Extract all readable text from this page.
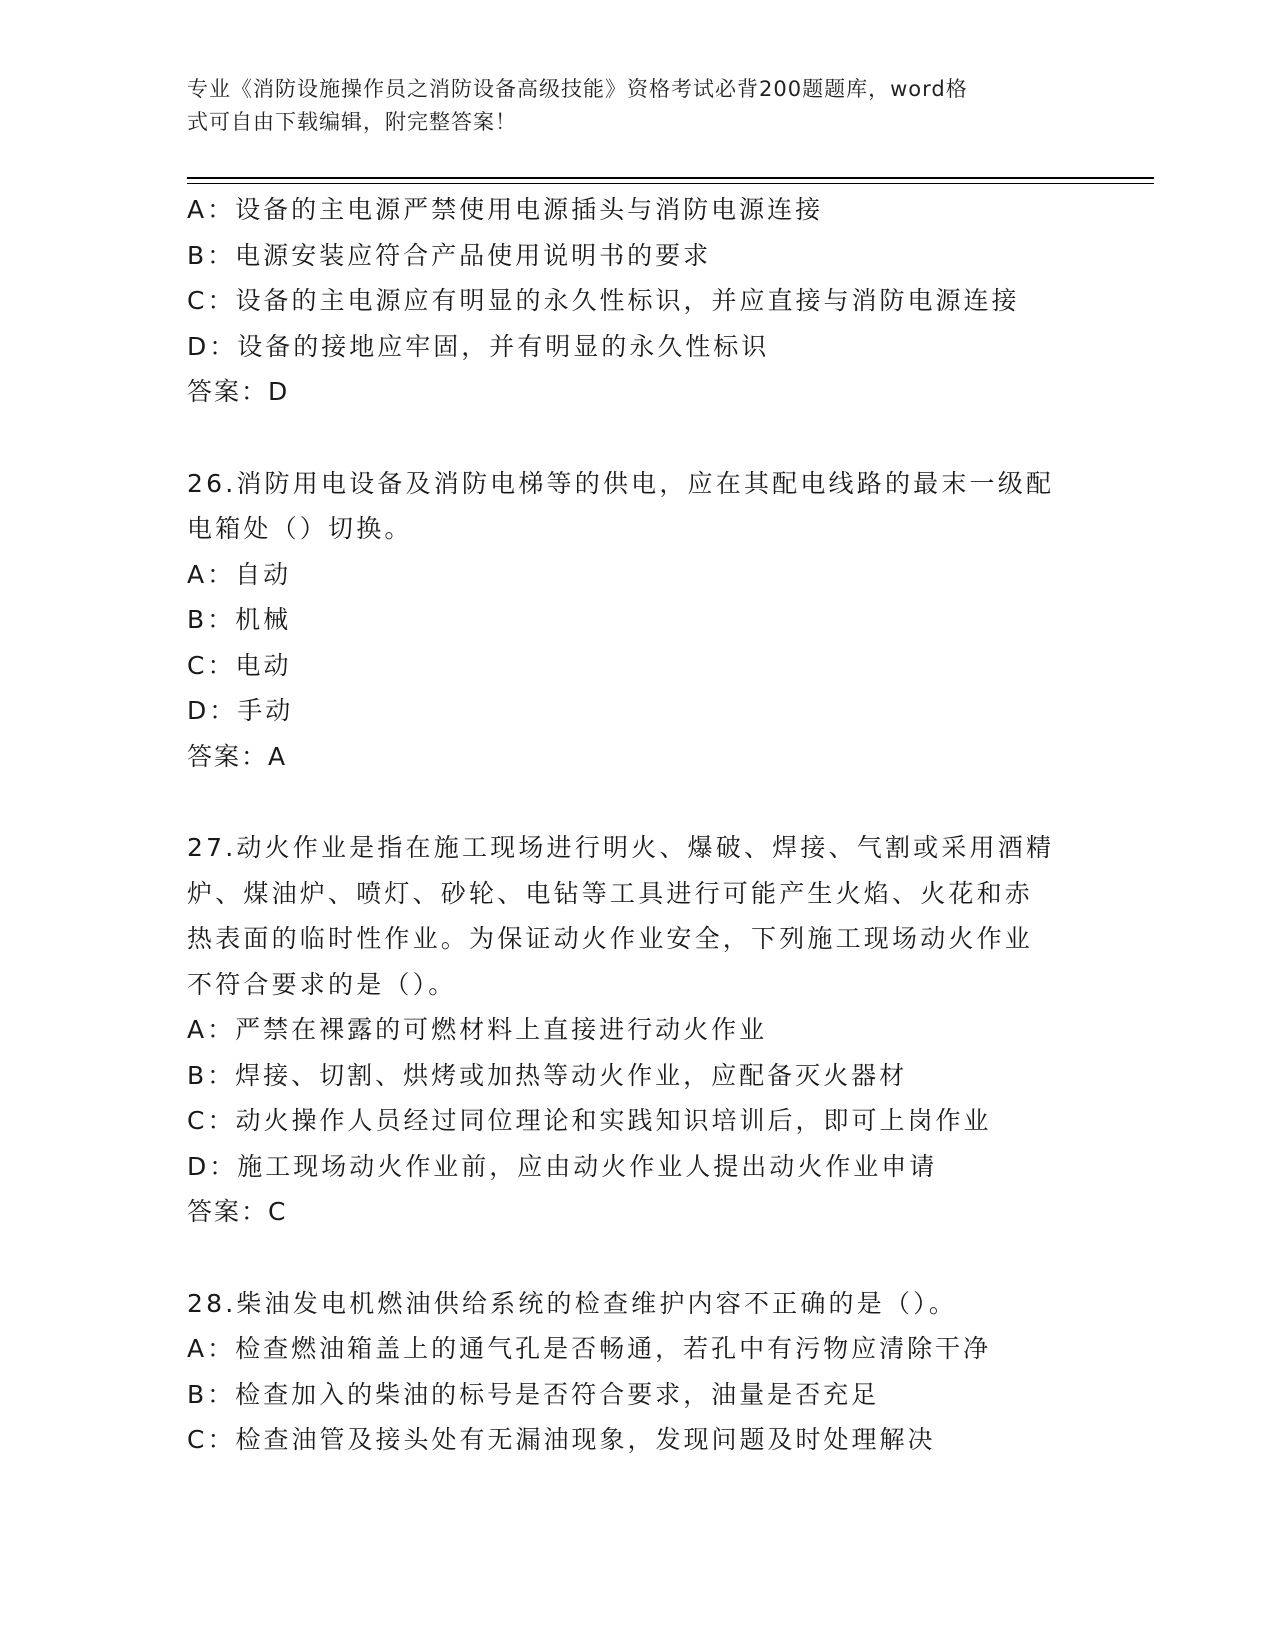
专业《消防设施操作员之消防设备高级技能》资格考试必背200题题库，word格
式可自由下载编辑，附完整答案！
A：设备的主电源严禁使用电源插头与消防电源连接
B：电源安装应符合产品使用说明书的要求
C：设备的主电源应有明显的永久性标识，并应直接与消防电源连接
D：设备的接地应牢固，并有明显的永久性标识
答案：D
26.消防用电设备及消防电梯等的供电，应在其配电线路的最末一级配
电箱处（）切换。
A：自动
B：机械
C：电动
D：手动
答案：A
27.动火作业是指在施工现场进行明火、爆破、焊接、气割或采用酒精
炉、煤油炉、喷灯、砂轮、电钻等工具进行可能产生火焰、火花和赤
热表面的临时性作业。为保证动火作业安全，下列施工现场动火作业
不符合要求的是（）。
A：严禁在裸露的可燃材料上直接进行动火作业
B：焊接、切割、烘烤或加热等动火作业，应配备灭火器材
C：动火操作人员经过同位理论和实践知识培训后，即可上岗作业
D：施工现场动火作业前，应由动火作业人提出动火作业申请
答案：C
28.柴油发电机燃油供给系统的检查维护内容不正确的是（）。
A：检查燃油箱盖上的通气孔是否畅通，若孔中有污物应清除干净
B：检查加入的柴油的标号是否符合要求，油量是否充足
C：检查油管及接头处有无漏油现象，发现问题及时处理解决
